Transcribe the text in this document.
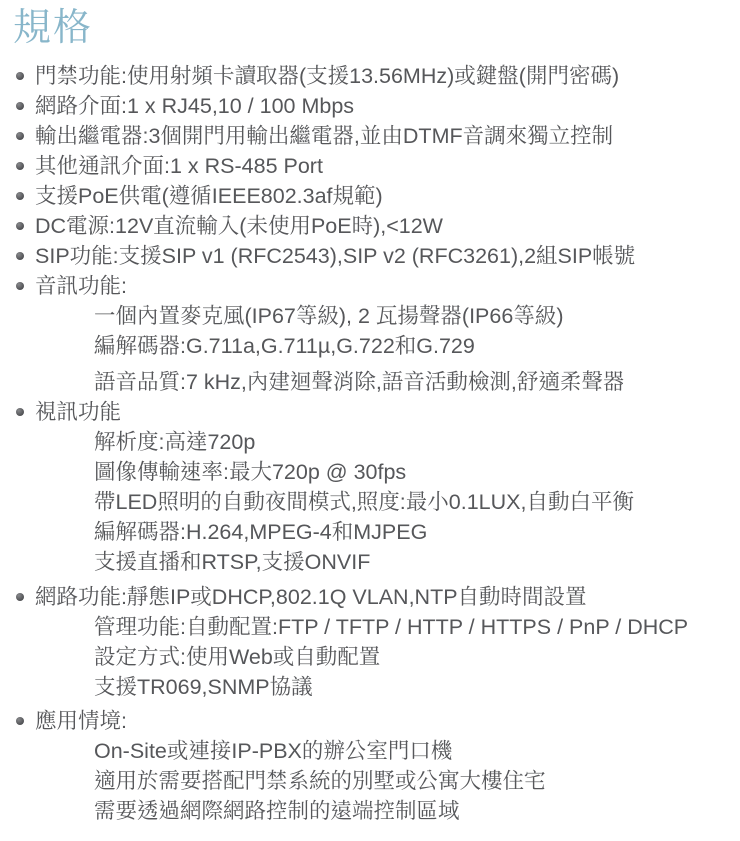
規格
門禁功能:使用射頻卡讀取器(支援13.56MHz)或鍵盤(開門密碼)
網路介面:1 x RJ45,10 / 100 Mbps
輸出繼電器:3個開門用輸出繼電器,並由DTMF音調來獨立控制
其他通訊介面:1 x RS-485 Port
支援PoE供電(遵循IEEE802.3af規範)
DC電源:12V直流輸入(未使用PoE時),<12W
SIP功能:支援SIP v1 (RFC2543),SIP v2 (RFC3261),2組SIP帳號
音訊功能:
一個內置麥克風(IP67等級), 2 瓦揚聲器(IP66等級)
編解碼器:G.711a,G.711µ,G.722和G.729
語音品質:7 kHz,內建迴聲消除,語音活動檢測,舒適柔聲器
視訊功能
解析度:高達720p
圖像傳輸速率:最大720p @ 30fps
帶LED照明的自動夜間模式,照度:最小0.1LUX,自動白平衡
編解碼器:H.264,MPEG-4和MJPEG
支援直播和RTSP,支援ONVIF
網路功能:靜態IP或DHCP,802.1Q VLAN,NTP自動時間設置
管理功能:自動配置:FTP / TFTP / HTTP / HTTPS / PnP / DHCP
設定方式:使用Web或自動配置
支援TR069,SNMP協議
應用情境:
On-Site或連接IP-PBX的辦公室門口機
適用於需要搭配門禁系統的別墅或公寓大樓住宅
需要透過網際網路控制的遠端控制區域
